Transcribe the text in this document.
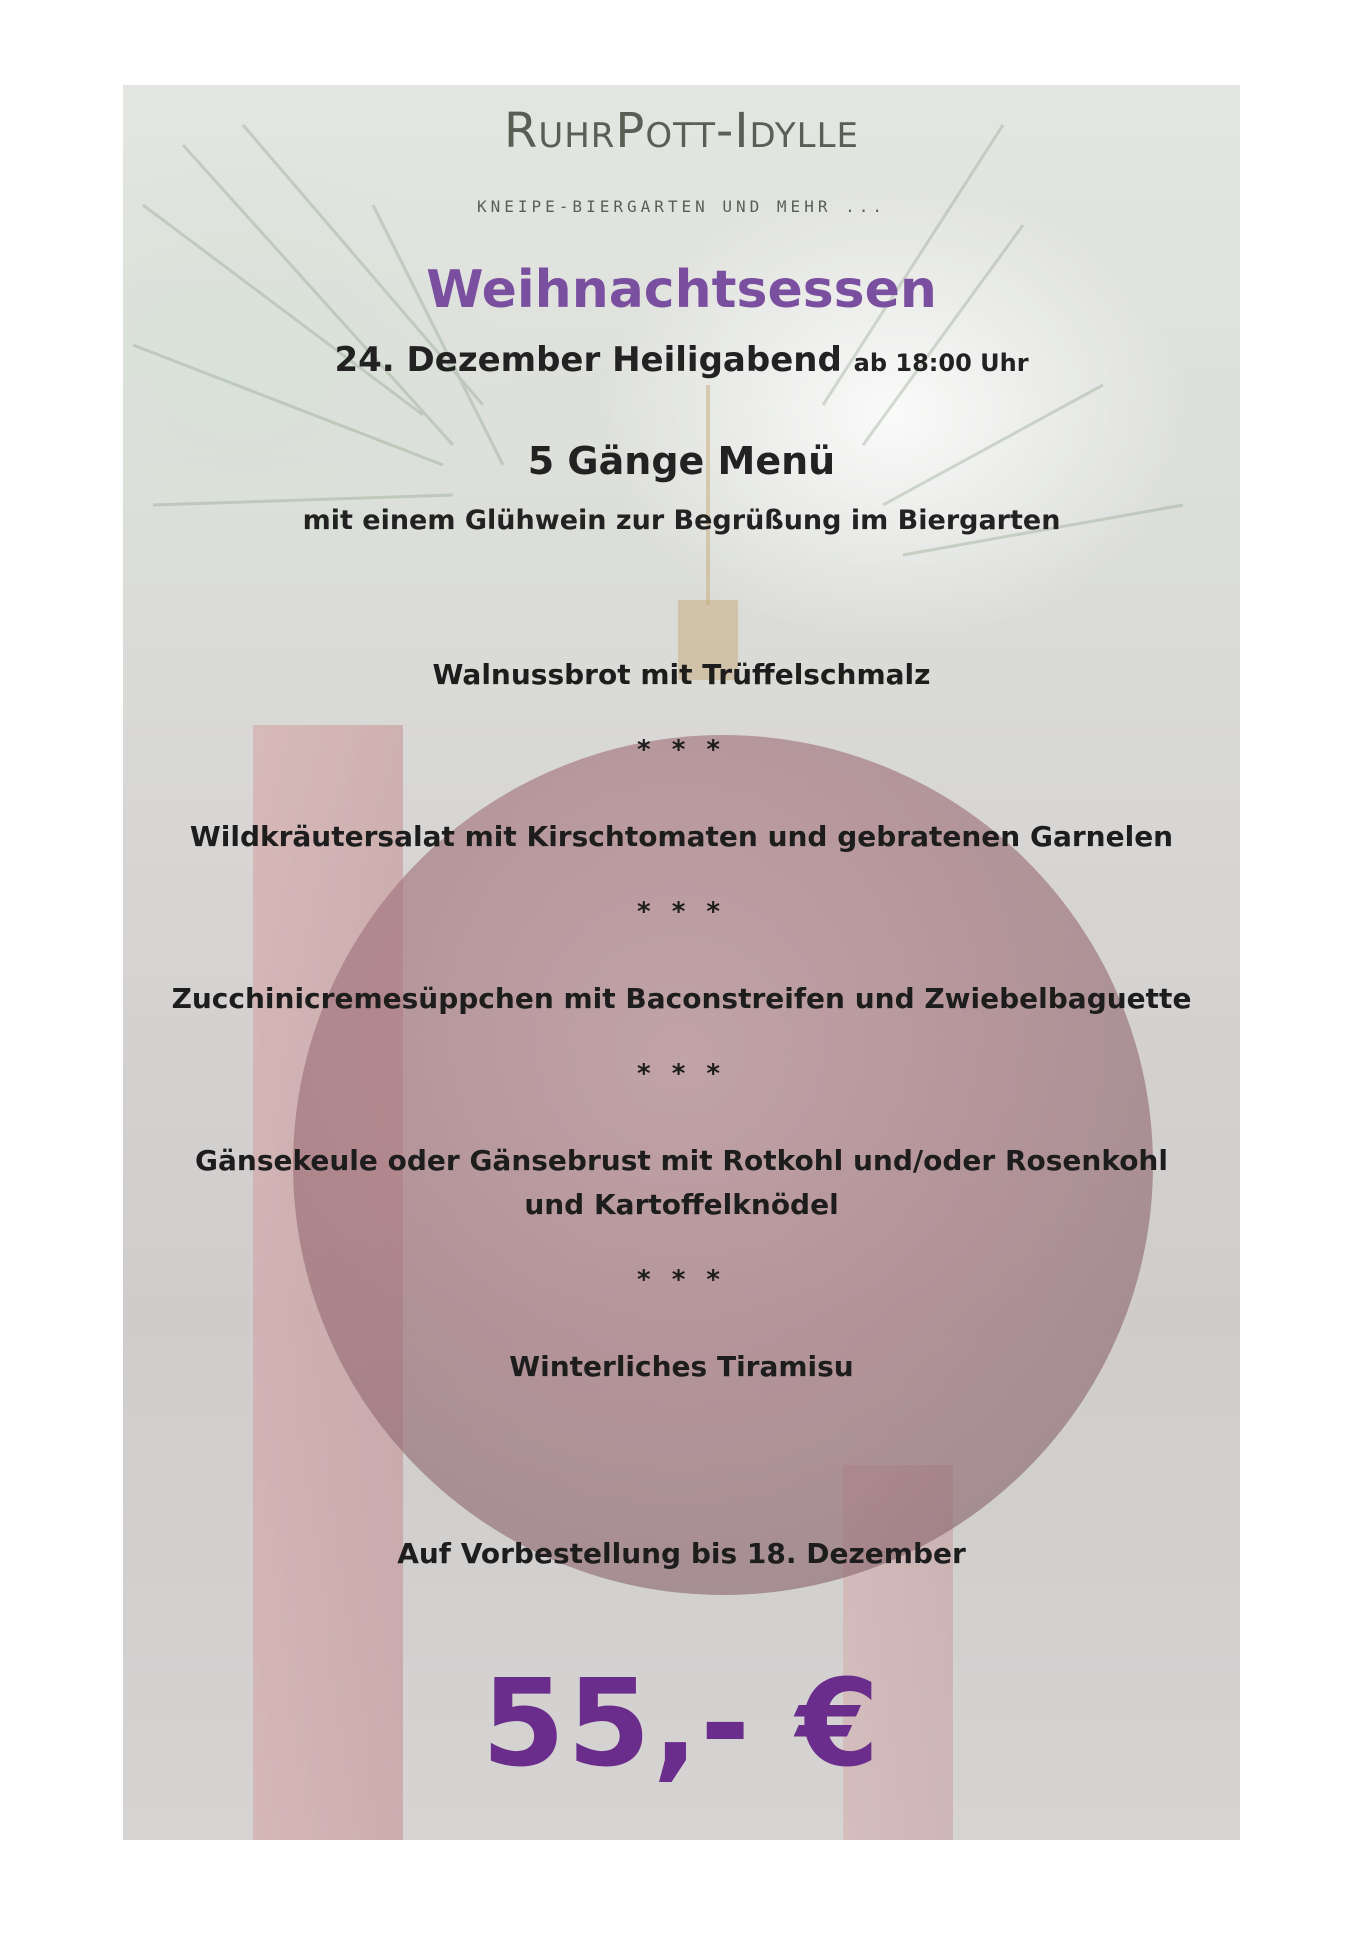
RuhrPott-Idylle
KNEIPE-BIERGARTEN UND MEHR ...
Weihnachtsessen
24. Dezember Heiligabend ab 18:00 Uhr
5 Gänge Menü
mit einem Glühwein zur Begrüßung im Biergarten
Walnussbrot mit Trüffelschmalz
* * *
Wildkräutersalat mit Kirschtomaten und gebratenen Garnelen
* * *
Zucchinicremesüppchen mit Baconstreifen und Zwiebelbaguette
* * *
Gänsekeule oder Gänsebrust mit Rotkohl und/oder Rosenkohl
und Kartoffelknödel
* * *
Winterliches Tiramisu
Auf Vorbestellung bis 18. Dezember
55,- €
